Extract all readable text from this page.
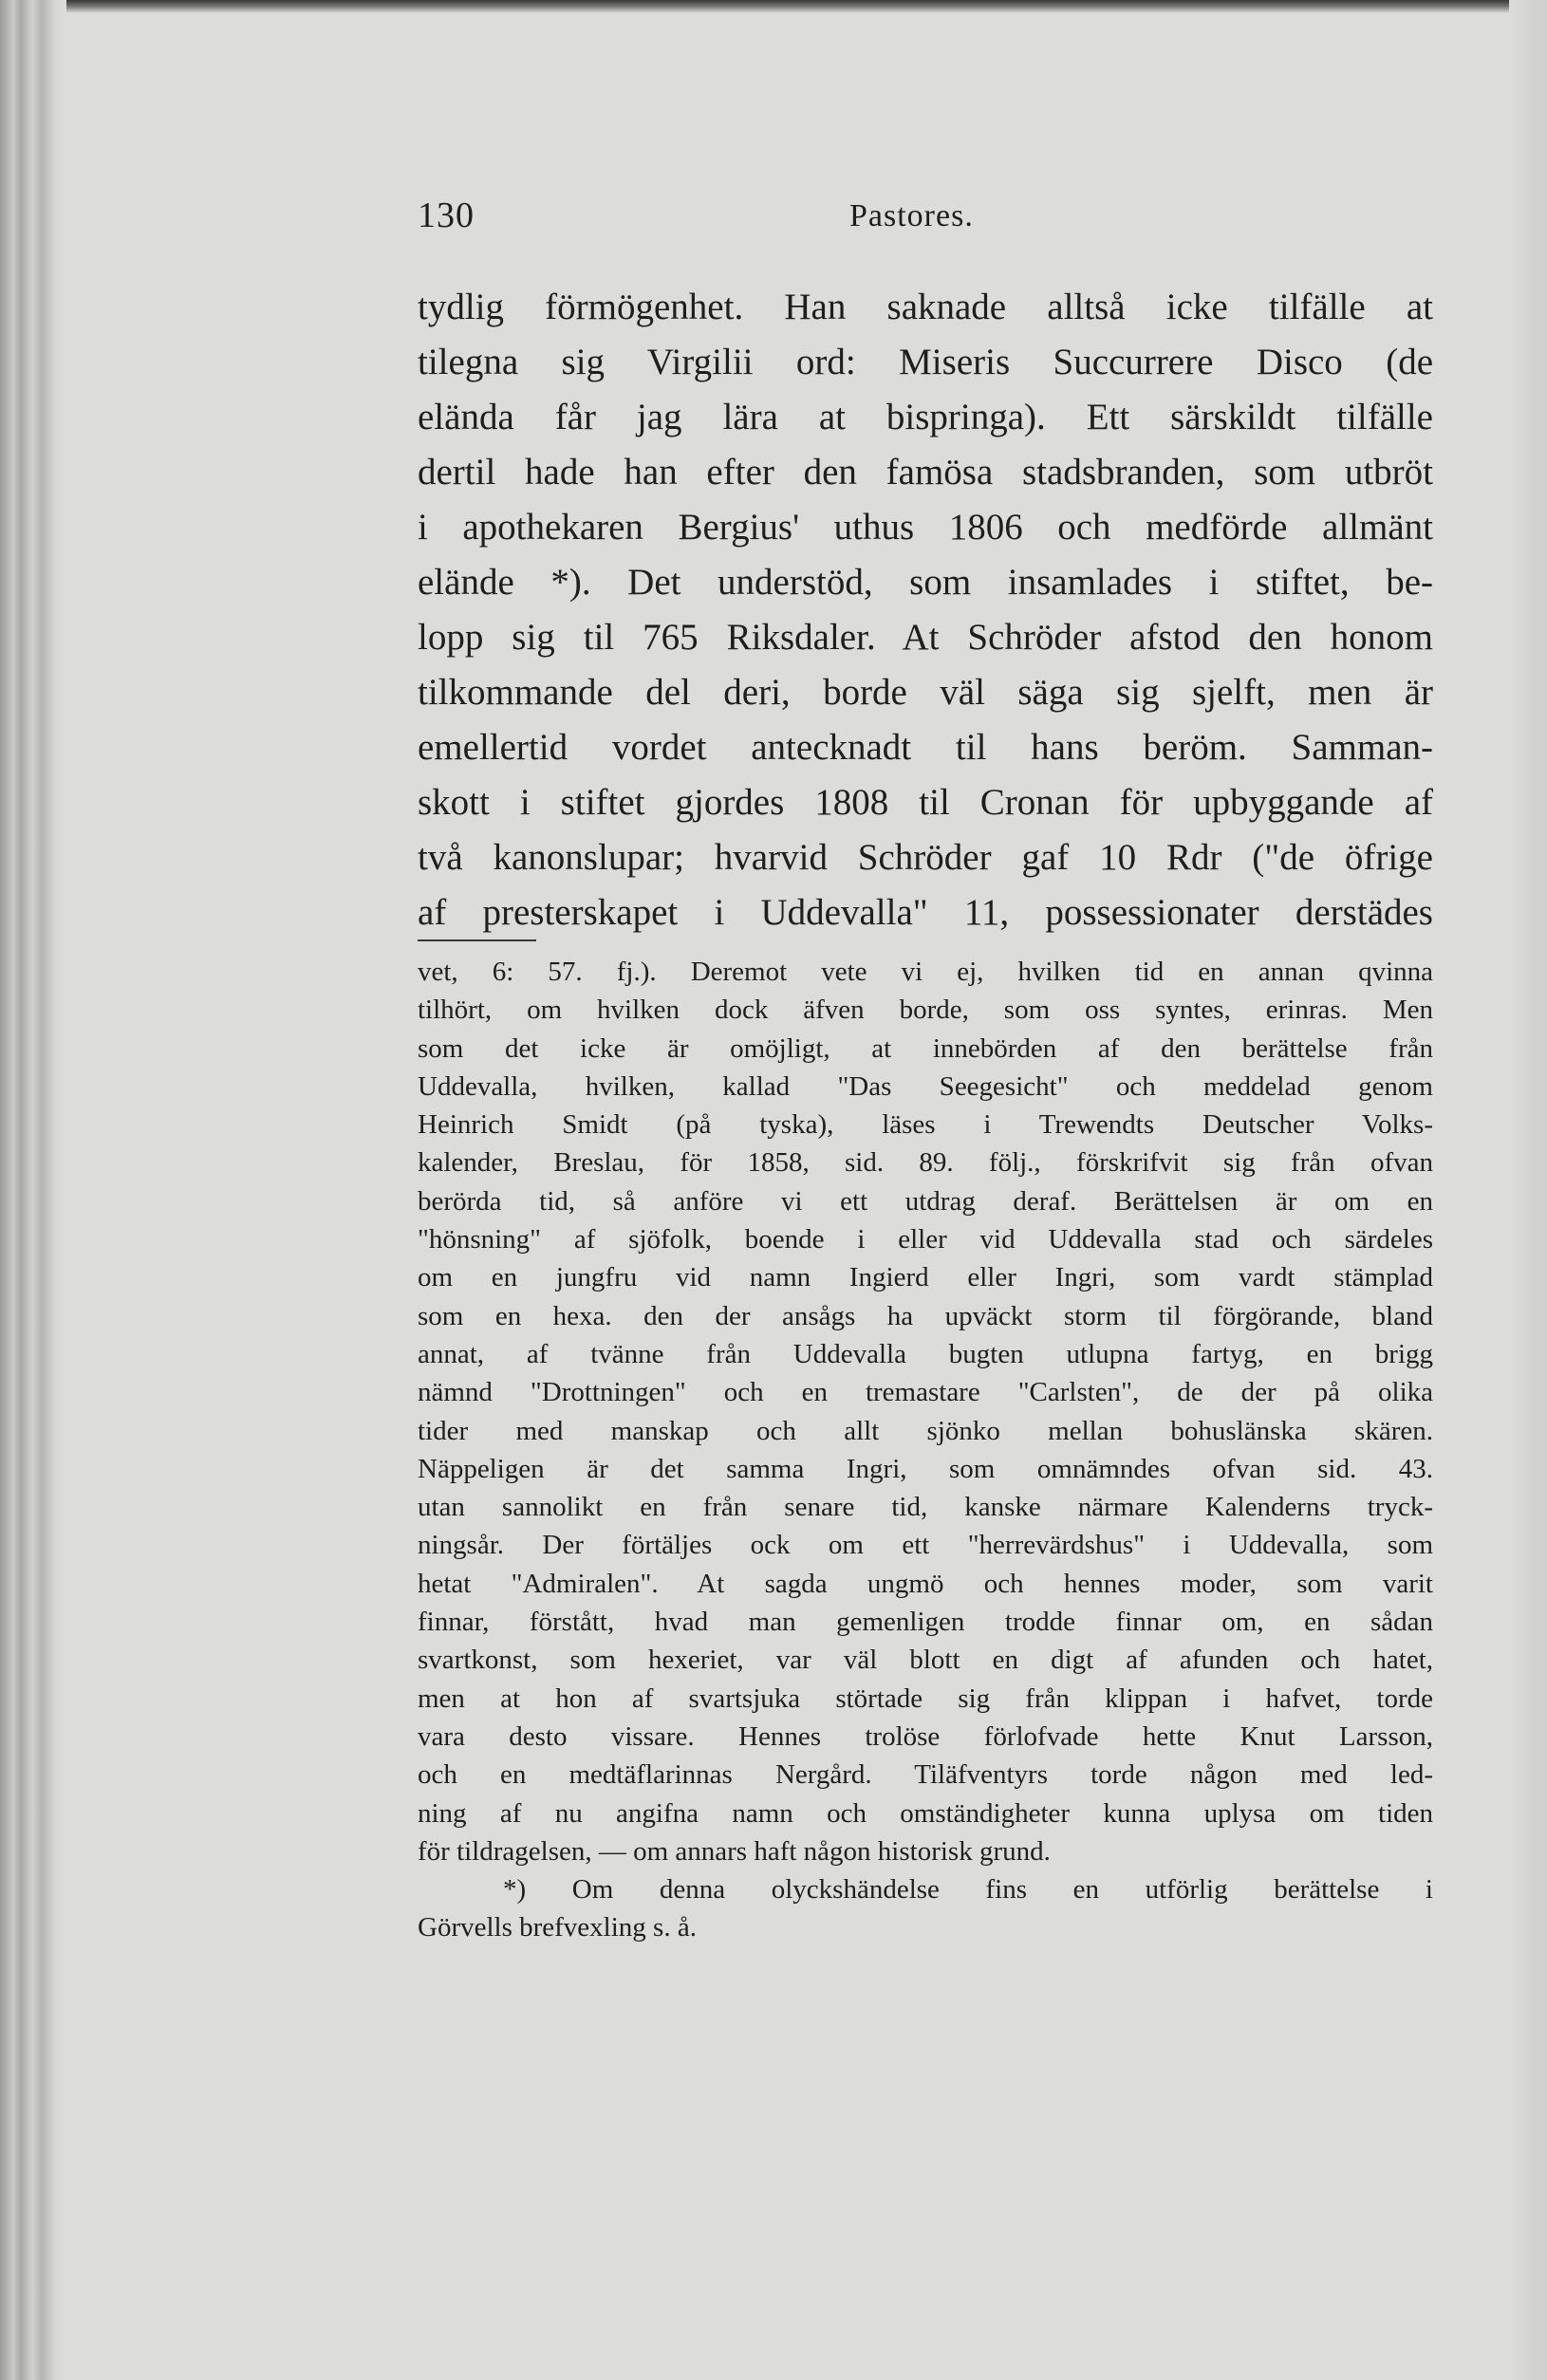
130	Pastores.
tydlig förmögenhet. Han saknade alltså icke tilfälle at
tilegna sig Virgilii ord: Miseris Succurrere Disco (de
elända får jag lära at bispringa). Ett särskildt tilfälle
dertil hade han efter den famösa stadsbranden, som utbröt
i apothekaren Bergius' uthus 1806 och medförde allmänt
elände *). Det understöd, som insamlades i stiftet, be-
lopp sig til 765 Riksdaler. At Schröder afstod den honom
tilkommande del deri, borde väl säga sig sjelft, men är
emellertid vordet antecknadt til hans beröm. Samman-
skott i stiftet gjordes 1808 til Cronan för upbyggande af
två kanonslupar; hvarvid Schröder gaf 10 Rdr ("de öfrige
af presterskapet i Uddevalla" 11, possessionater derstädes
vet, 6: 57. fj.). Deremot vete vi ej, hvilken tid en annan qvinna
tilhört, om hvilken dock äfven borde, som oss syntes, erinras. Men
som det icke är omöjligt, at innebörden af den berättelse från
Uddevalla, hvilken, kallad "Das Seegesicht" och meddelad genom
Heinrich Smidt (på tyska), läses i Trewendts Deutscher Volks-
kalender, Breslau, för 1858, sid. 89. följ., förskrifvit sig från ofvan
berörda tid, så anföre vi ett utdrag deraf. Berättelsen är om en
"hönsning" af sjöfolk, boende i eller vid Uddevalla stad och särdeles
om en jungfru vid namn Ingierd eller Ingri, som vardt stämplad
som en hexa. den der ansågs ha upväckt storm til förgörande, bland
annat, af tvänne från Uddevalla bugten utlupna fartyg, en brigg
nämnd "Drottningen" och en tremastare "Carlsten", de der på olika
tider med manskap och allt sjönko mellan bohuslänska skären.
Näppeligen är det samma Ingri, som omnämndes ofvan sid. 43.
utan sannolikt en från senare tid, kanske närmare Kalenderns tryck-
ningsår. Der förtäljes ock om ett "herrevärdshus" i Uddevalla, som
hetat "Admiralen". At sagda ungmö och hennes moder, som varit
finnar, förstått, hvad man gemenligen trodde finnar om, en sådan
svartkonst, som hexeriet, var väl blott en digt af afunden och hatet,
men at hon af svartsjuka störtade sig från klippan i hafvet, torde
vara desto vissare. Hennes trolöse förlofvade hette Knut Larsson,
och en medtäflarinnas Nergård. Tiläfventyrs torde någon med led-
ning af nu angifna namn och omständigheter kunna uplysa om tiden
för tildragelsen, — om annars haft någon historisk grund.
*) Om denna olyckshändelse fins en utförlig berättelse i
Görvells brefvexling s. å.
